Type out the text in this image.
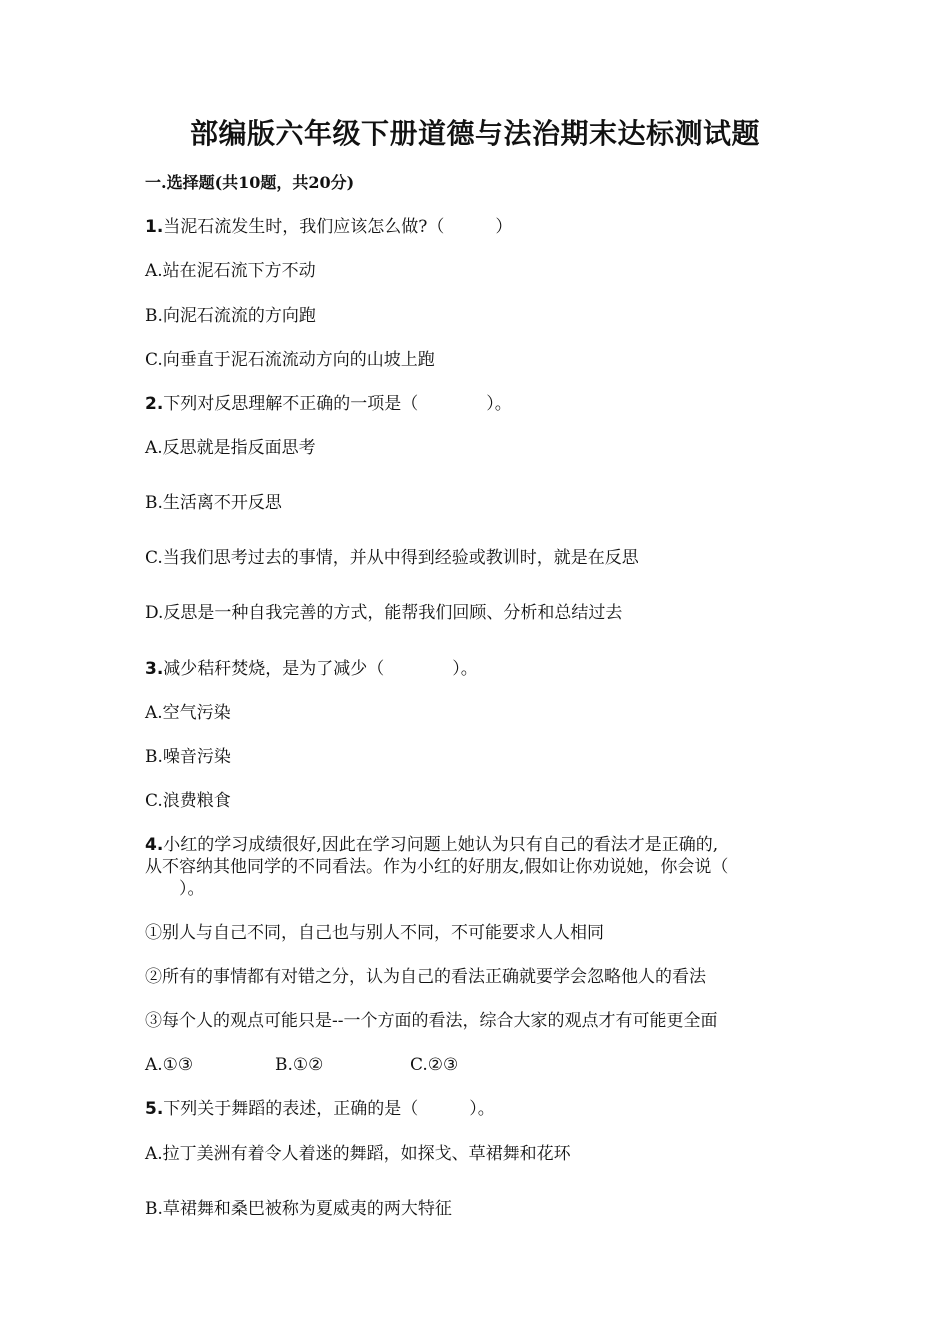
部编版六年级下册道德与法治期末达标测试题
一.选择题(共10题，共20分)
1.当泥石流发生时，我们应该怎么做?（　　　）
A.站在泥石流下方不动
B.向泥石流流的方向跑
C.向垂直于泥石流流动方向的山坡上跑
2.下列对反思理解不正确的一项是（　　　　）。
A.反思就是指反面思考
B.生活离不开反思
C.当我们思考过去的事情，并从中得到经验或教训时，就是在反思
D.反思是一种自我完善的方式，能帮我们回顾、分析和总结过去
3.减少秸秆焚烧，是为了减少（　　　　）。
A.空气污染
B.噪音污染
C.浪费粮食
4.小红的学习成绩很好,因此在学习问题上她认为只有自己的看法才是正确的,
从不容纳其他同学的不同看法。作为小红的好朋友,假如让你劝说她，你会说（
　　）。
①别人与自己不同，自己也与别人不同，不可能要求人人相同
②所有的事情都有对错之分，认为自己的看法正确就要学会忽略他人的看法
③每个人的观点可能只是--一个方面的看法，综合大家的观点才有可能更全面
A.①③	B.①②	C.②③
5.下列关于舞蹈的表述，正确的是（　　　）。
A.拉丁美洲有着令人着迷的舞蹈，如探戈、草裙舞和花环
B.草裙舞和桑巴被称为夏威夷的两大特征
